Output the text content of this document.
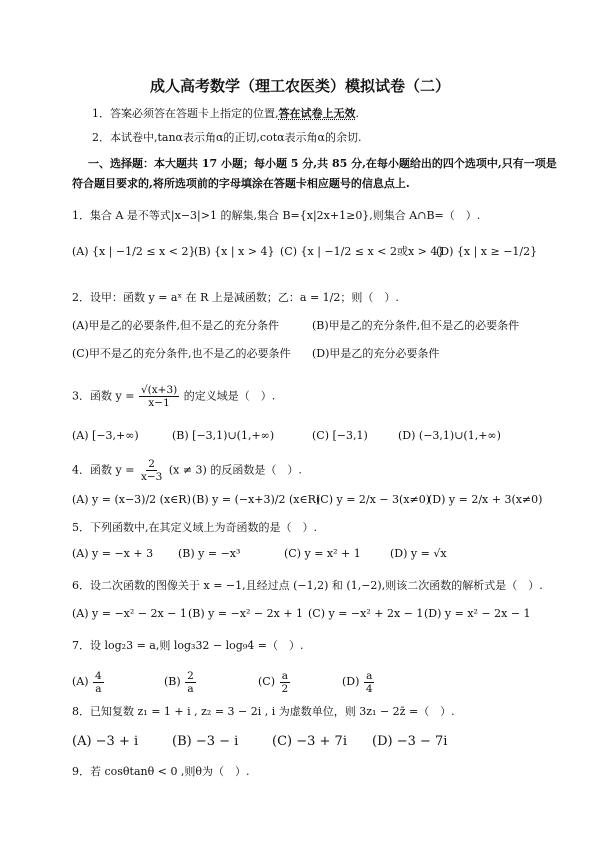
成人高考数学（理工农医类）模拟试卷（二）
1．答案必须答在答题卡上指定的位置,答在试卷上无效.
2．本试卷中,tanα表示角α的正切,cotα表示角α的余切.
一、选择题：本大题共 17 小题；每小题 5 分,共 85 分,在每小题给出的四个选项中,只有一项是
符合题目要求的,将所选项前的字母填涂在答题卡相应题号的信息点上.
1．集合 A 是不等式|x−3|>1 的解集,集合 B={x|2x+1≥0},则集合 A∩B=（　）.
(A) {x | −1/2 ≤ x < 2}
(B) {x | x > 4} (C) {x | −1/2 ≤ x < 2或x > 4}
(D) {x | x ≥ −1/2}
2．设甲：函数 y = aˣ 在 R 上是减函数；乙：a = 1/2；则（　）.
(A)甲是乙的必要条件,但不是乙的充分条件	(B)甲是乙的充分条件,但不是乙的必要条件
(C)甲不是乙的充分条件,也不是乙的必要条件 (D)甲是乙的充分必要条件
3．函数 $y = \frac{√(x+3)}{x-1}$ 的定义域是（　）.
(A) [−3,+∞)	(B) [−3,1)∪(1,+∞)	(C) [−3,1)	(D) (−3,1)∪(1,+∞)
4．函数 $y = \frac{2}{x-3} (x \ne 3)$ 的反函数是（　）.
(A) y = (x−3)/2 (x∈R) (B) y = (−x+3)/2 (x∈R)
(C) y = 2/x − 3(x≠0)
(D) y = 2/x + 3(x≠0)
5．下列函数中,在其定义域上为奇函数的是（　）.
(A) y = −x + 3 (B) y = −x³	(C) y = x² + 1	(D) y = √x
6．设二次函数的图像关于 x = −1,且经过点 (−1,2) 和 (1,−2),则该二次函数的解析式是（　）.
(A) y = −x² − 2x − 1 (B) y = −x² − 2x + 1 (C) y = −x² + 2x − 1 (D) y = x² − 2x − 1
7．设 log₂3 = a,则 log₃32 − log₉4 =（　）.
$(A) \frac{4}{a}$	$(B) \frac{2}{a}$	$(C) \frac{a}{2}$	$(D) \frac{a}{4}$
8．已知复数 z₁ = 1 + i , z₂ = 3 − 2i , i 为虚数单位，则 3z₁ − 2z̄ =（　）.
(A) −3 + i	(B) −3 − i	(C) −3 + 7i (D) −3 − 7i
9．若 cosθtanθ < 0 ,则θ为（　）.
